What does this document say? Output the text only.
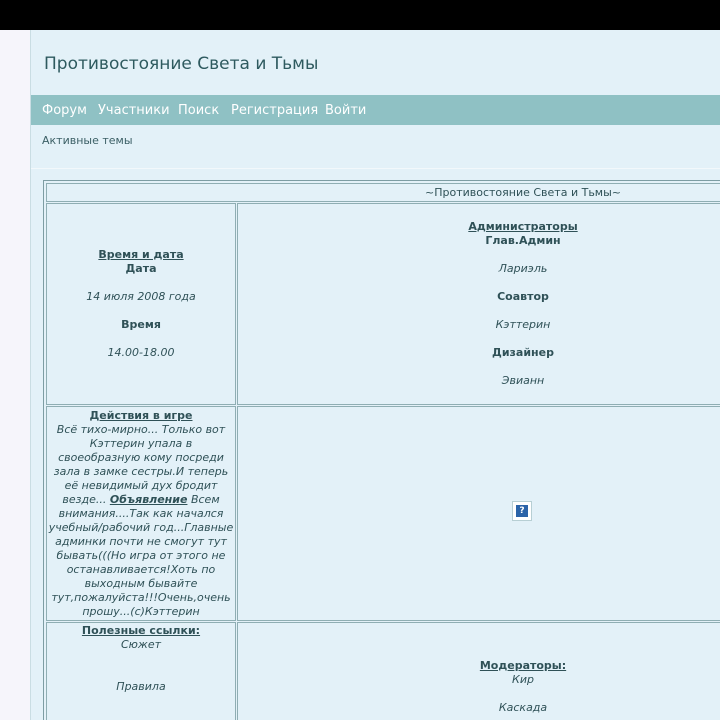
Противостояние Света и Тьмы
Форум Участники Поиск Регистрация Войти
Активные темы
~Противостояние Света и Тьмы~
Время и дата
Дата
14 июля 2008 года
Время
14.00-18.00
Администраторы
Глав.Админ
Лариэль
Соавтор
Кэттерин
Дизайнер
Эвианн
Действия в игре
Всё тихо-мирно... Только вот
Кэттерин упала в
своеобразную кому посреди
зала в замке сестры.И теперь
её невидимый дух бродит
везде... Объявление Всем
внимания....Так как начался
учебный/рабочий год...Главные
админки почти не смогут тут
бывать(((Но игра от этого не
останавливается!Хоть по
выходным бывайте
тут,пожалуйста!!!Очень,очень
прошу...(с)Кэттерин
?
Полезные ссылки:
Сюжет
Правила
Модераторы:
Кир
Каскада
